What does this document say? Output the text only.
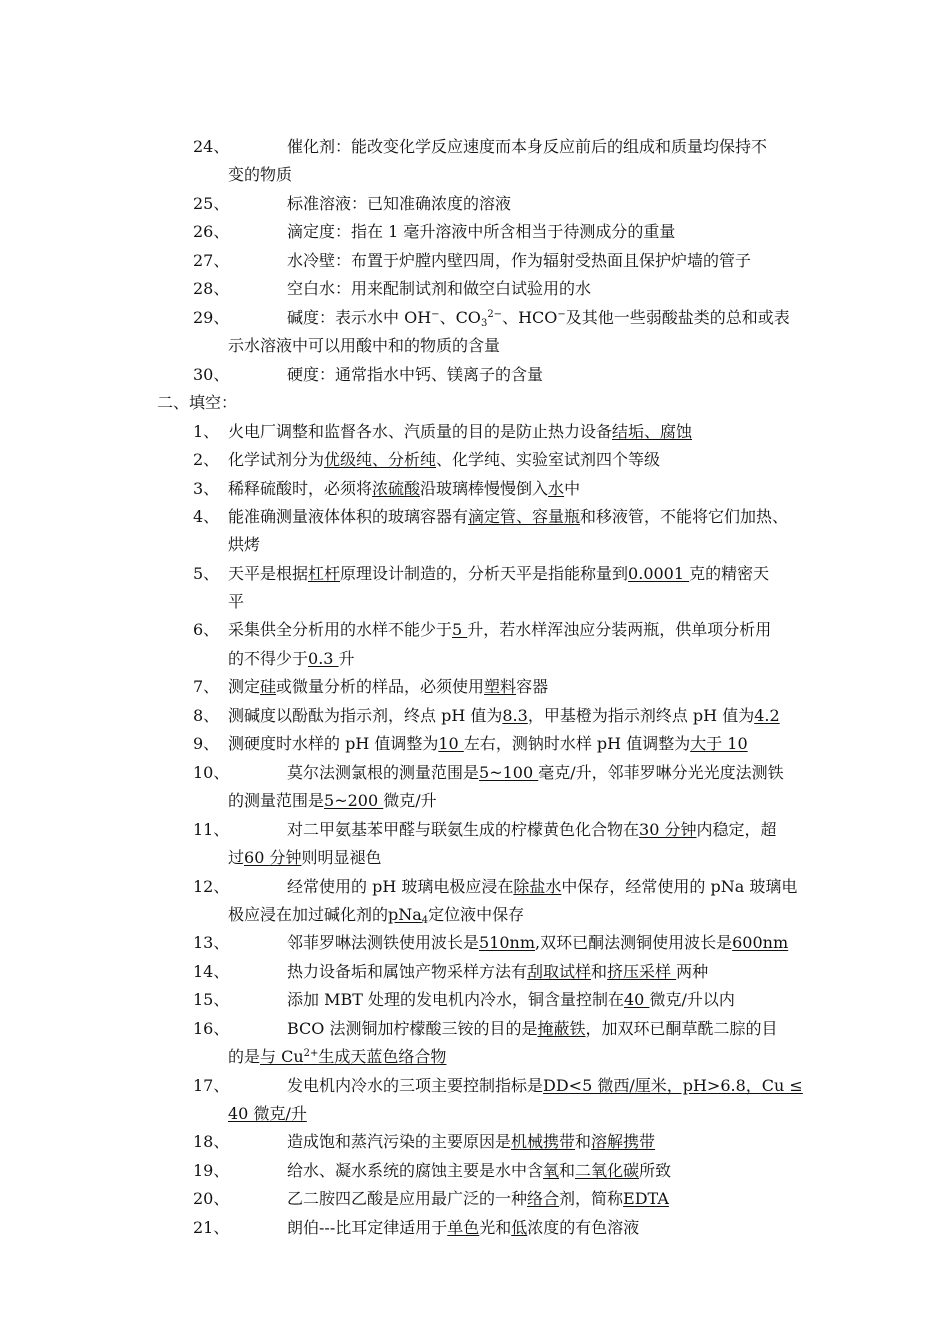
24、	催化剂：能改变化学反应速度而本身反应前后的组成和质量均保持不
变的物质
25、	标准溶液：已知准确浓度的溶液
26、	滴定度：指在 1 毫升溶液中所含相当于待测成分的重量
27、	水冷壁：布置于炉膛内壁四周，作为辐射受热面且保护炉墙的管子
28、	空白水：用来配制试剂和做空白试验用的水
29、	碱度：表示水中 OH−、$CO_3^{2-}$、HCO−及其他一些弱酸盐类的总和或表
示水溶液中可以用酸中和的物质的含量
30、	硬度：通常指水中钙、镁离子的含量
二、填空：
1、 火电厂调整和监督各水、汽质量的目的是防止热力设备结垢、腐蚀
2、 化学试剂分为优级纯、分析纯、化学纯、实验室试剂四个等级
3、 稀释硫酸时，必须将浓硫酸沿玻璃棒慢慢倒入水中
4、 能准确测量液体体积的玻璃容器有滴定管、容量瓶和移液管，不能将它们加热、
烘烤
5、 天平是根据杠杆原理设计制造的，分析天平是指能称量到0.0001 克的精密天
平
6、 采集供全分析用的水样不能少于5 升，若水样浑浊应分装两瓶，供单项分析用
的不得少于0.3 升
7、 测定硅或微量分析的样品，必须使用塑料容器
8、 测碱度以酚酞为指示剂，终点 pH 值为8.3，甲基橙为指示剂终点 pH 值为4.2
9、 测硬度时水样的 pH 值调整为10 左右，测钠时水样 pH 值调整为大于 10
10、	莫尔法测氯根的测量范围是5~100 毫克/升，邻菲罗啉分光光度法测铁
的测量范围是5~200 微克/升
11、	对二甲氨基苯甲醛与联氨生成的柠檬黄色化合物在30 分钟内稳定，超
过60 分钟则明显褪色
12、	经常使用的 pH 玻璃电极应浸在除盐水中保存，经常使用的 pNa 玻璃电
极应浸在加过碱化剂的pNa$_4$定位液中保存
13、	邻菲罗啉法测铁使用波长是510nm,双环已酮法测铜使用波长是600nm
14、	热力设备垢和属蚀产物采样方法有刮取试样和挤压采样 两种
15、	添加 MBT 处理的发电机内冷水，铜含量控制在40 微克/升以内
16、	BCO 法测铜加柠檬酸三铵的目的是掩蔽铁，加双环已酮草酰二腙的目
的是与 $Cu^{2+}$生成天蓝色络合物
17、	发电机内冷水的三项主要控制指标是DD<5 微西/厘米，pH>6.8，Cu ≤
40 微克/升
18、	造成饱和蒸汽污染的主要原因是机械携带和溶解携带
19、	给水、凝水系统的腐蚀主要是水中含氧和二氧化碳所致
20、	乙二胺四乙酸是应用最广泛的一种络合剂，简称EDTA
21、	朗伯---比耳定律适用于单色光和低浓度的有色溶液
